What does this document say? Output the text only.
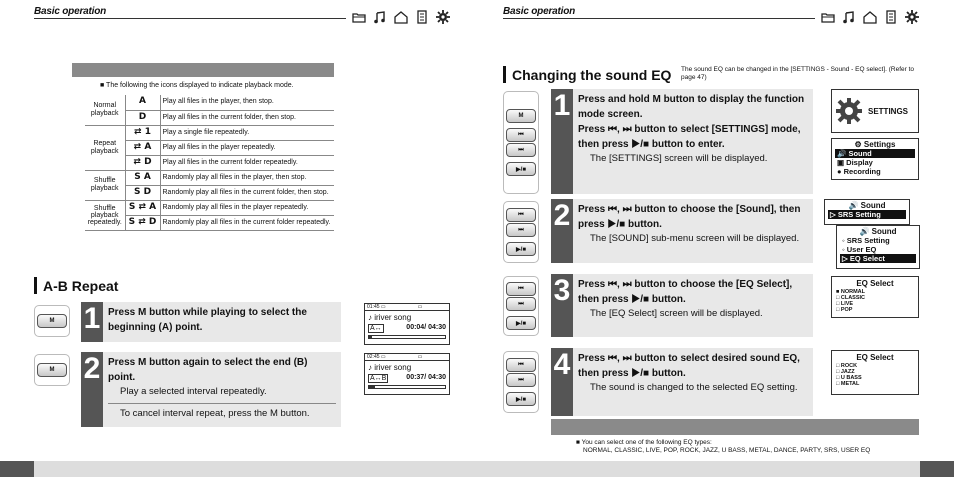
Basic operation
■ The following the icons displayed to indicate playback mode.
Normal playback	A	Play all files in the player, then stop.
	D	Play all files in the current folder, then stop.
Repeat playback	⇄ 1	Play a single file repeatedly.
	⇄ A	Play all files in the player repeatedly.
	⇄ D	Play all files in the current folder repeatedly.
Shuffle playback	S A	Randomly play all files in the player, then stop.
	S D	Randomly play all files in the current folder, then stop.
Shuffle playback repeatedly.	S ⇄ A	Randomly play all files in the player repeatedly.
	S ⇄ D	Randomly play all files in the current folder repeatedly.
A-B Repeat
M 1 Press M button while playing to select the beginning (A) point.
01:45 ▭                       ▭
♪ iriver song
A↔	00:04/ 04:30
M 2 Press M button again to select the end (B) point.
Play a selected interval repeatedly.
To cancel interval repeat, press the M button.
02:45 ▭                       ▭
♪ iriver song
A↔B	00:37/ 04:30
Basic operation
Changing the sound EQ The sound EQ can be changed in the [SETTINGS - Sound - EQ select]. (Refer to page 47)
M
⏮
⏭
▶/■
1 Press and hold M button to display the function mode screen.
Press ⏮, ⏭ button to select [SETTINGS] mode, then press ▶/■ button to enter.
The [SETTINGS] screen will be displayed.
SETTINGS
⚙ Settings
🔊 Sound
▣ Display
● Recording
⏮
⏭
▶/■
2 Press ⏮, ⏭ button to choose the [Sound], then press ▶/■ button.
The [SOUND] sub-menu screen will be displayed.
🔊 Sound
▷ SRS Setting
🔊 Sound
◦ SRS Setting
◦ User EQ
▷ EQ Select
⏮
⏭
▶/■
3 Press ⏮, ⏭ button to choose the [EQ Select], then press ▶/■ button.
The [EQ Select] screen will be displayed.
EQ Select
■ NORMAL
□ CLASSIC
□ LIVE
□ POP
⏮
⏭
▶/■
4 Press ⏮, ⏭ button to select desired sound EQ, then press ▶/■ button.
The sound is changed to the selected EQ setting.
EQ Select
□ ROCK
□ JAZZ
□ U BASS
□ METAL
■ You can select one of the following EQ types:
NORMAL, CLASSIC, LIVE, POP, ROCK, JAZZ, U BASS, METAL, DANCE, PARTY, SRS, USER EQ
